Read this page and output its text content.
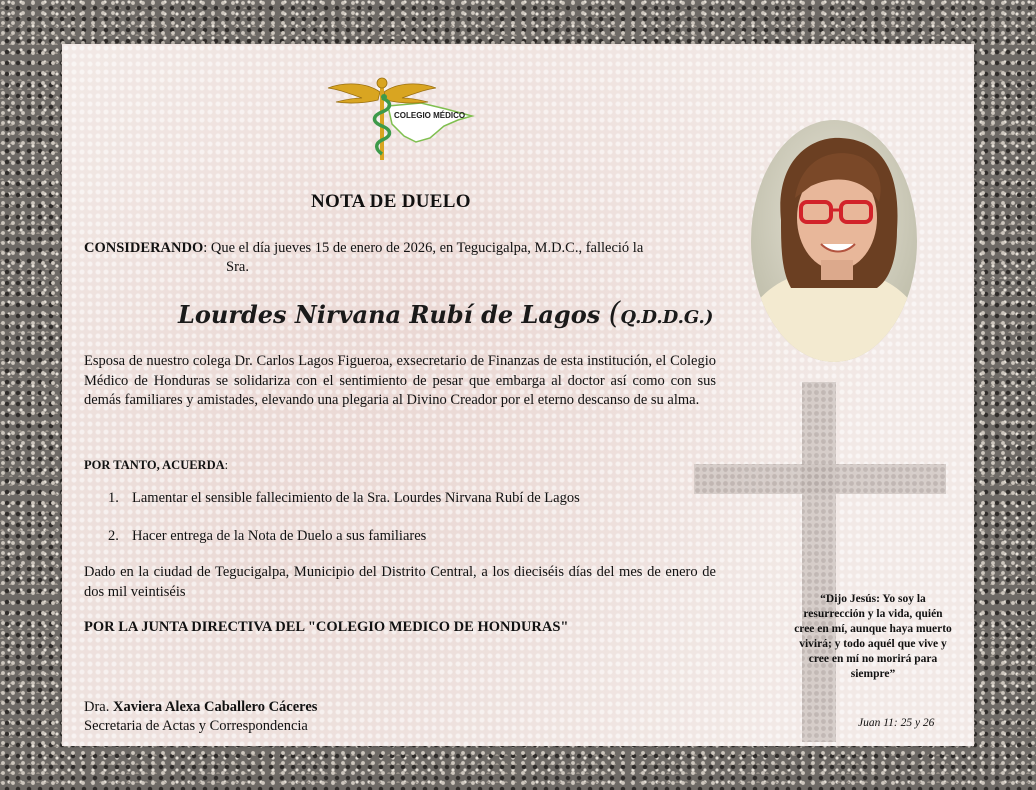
COLEGIO MÉDICO
NOTA DE DUELO
CONSIDERANDO: Que el día jueves 15 de enero de 2026, en Tegucigalpa, M.D.C., falleció la
Sra.
Lourdes Nirvana Rubí de Lagos (Q.D.D.G.)
Esposa de nuestro colega Dr. Carlos Lagos Figueroa, exsecretario de Finanzas de esta institución, el Colegio Médico de Honduras se solidariza con el sentimiento de pesar que embarga al doctor así como con sus demás familiares y amistades, elevando una plegaria al Divino Creador por el eterno descanso de su alma.
POR TANTO, ACUERDA:
1. Lamentar el sensible fallecimiento de la Sra. Lourdes Nirvana Rubí de Lagos
2. Hacer entrega de la Nota de Duelo a sus familiares
Dado en la ciudad de Tegucigalpa, Municipio del Distrito Central, a los dieciséis días del mes de enero de dos mil veintiséis
POR LA JUNTA DIRECTIVA DEL "COLEGIO MEDICO DE HONDURAS"
Dra. Xaviera Alexa Caballero Cáceres
Secretaria de Actas y Correspondencia
“Dijo Jesús: Yo soy la resurrección y la vida, quién cree en mí, aunque haya muerto vivirá; y todo aquél que vive y cree en mí no morirá para siempre”
Juan 11: 25 y 26
